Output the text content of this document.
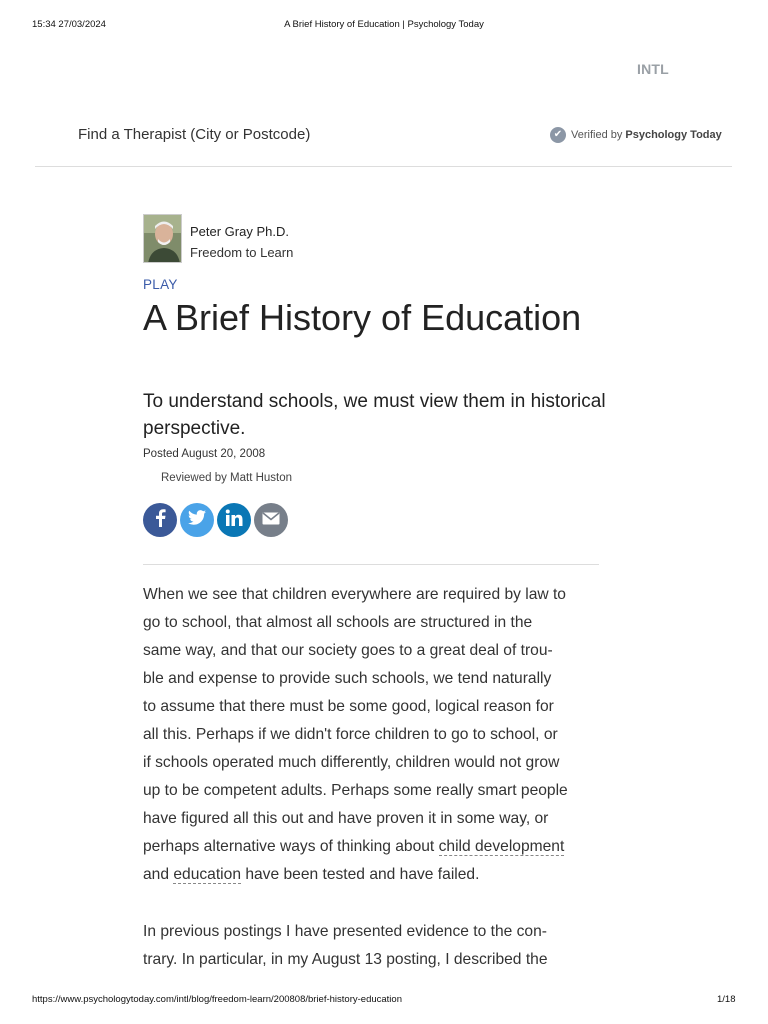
15:34 27/03/2024	A Brief History of Education | Psychology Today
INTL
Find a Therapist (City or Postcode)	✔ Verified by Psychology Today
Peter Gray Ph.D.
Freedom to Learn
PLAY
A Brief History of Education

To understand schools, we must view them in historical perspective.

Posted August 20, 2008
Reviewed by Matt Huston
When we see that children everywhere are required by law to
go to school, that almost all schools are structured in the
same way, and that our society goes to a great deal of trou-
ble and expense to provide such schools, we tend naturally
to assume that there must be some good, logical reason for
all this. Perhaps if we didn't force children to go to school, or
if schools operated much differently, children would not grow
up to be competent adults. Perhaps some really smart people
have figured all this out and have proven it in some way, or
perhaps alternative ways of thinking about child development
and education have been tested and have failed.
In previous postings I have presented evidence to the con-
trary. In particular, in my August 13 posting, I described the
https://www.psychologytoday.com/intl/blog/freedom-learn/200808/brief-history-education	1/18
